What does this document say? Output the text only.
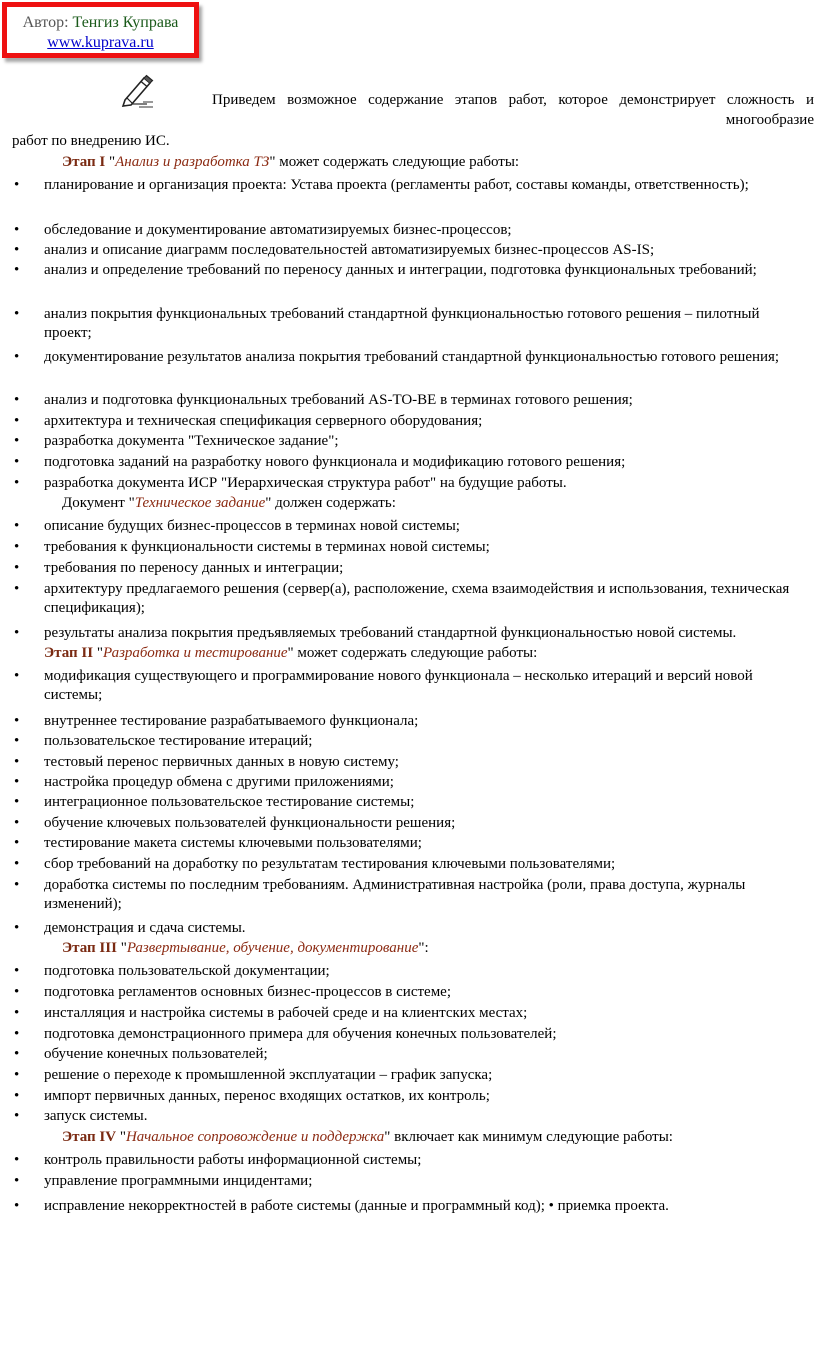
Автор: Тенгиз Куправа
www.kuprava.ru
Приведем возможное содержание этапов работ, которое демонстрирует сложность и
многообразие
работ по внедрению ИС.
Этап I "Анализ и разработка ТЗ" может содержать следующие работы:
•	планирование и организация проекта: Устава проекта (регламенты работ, составы команды, ответственность);
•	обследование и документирование автоматизируемых бизнес-процессов;
•	анализ и описание диаграмм последовательностей автоматизируемых бизнес-процессов AS-IS;
•	анализ и определение требований по переносу данных и интеграции, подготовка функциональных требований;
•	анализ покрытия функциональных требований стандартной функциональностью готового решения – пилотный проект;
•	документирование результатов анализа покрытия требований стандартной функциональностью готового решения;
•	анализ и подготовка функциональных требований AS-TO-BE в терминах готового решения;
•	архитектура и техническая спецификация серверного оборудования;
•	разработка документа "Техническое задание";
•	подготовка заданий на разработку нового функционала и модификацию готового решения;
•	разработка документа ИСР "Иерархическая структура работ" на будущие работы.
Документ "Техническое задание" должен содержать:
•	описание будущих бизнес-процессов в терминах новой системы;
•	требования к функциональности системы в терминах новой системы;
•	требования по переносу данных и интеграции;
•	архитектуру предлагаемого решения (сервер(а), расположение, схема взаимодействия и использования, техническая спецификация);
•	результаты анализа покрытия предъявляемых требований стандартной функциональностью новой системы.
Этап II "Разработка и тестирование" может содержать следующие работы:
•	модификация существующего и программирование нового функционала – несколько итераций и версий новой системы;
•	внутреннее тестирование разрабатываемого функционала;
•	пользовательское тестирование итераций;
•	тестовый перенос первичных данных в новую систему;
•	настройка процедур обмена с другими приложениями;
•	интеграционное пользовательское тестирование системы;
•	обучение ключевых пользователей функциональности решения;
•	тестирование макета системы ключевыми пользователями;
•	сбор требований на доработку по результатам тестирования ключевыми пользователями;
•	доработка системы по последним требованиям. Административная настройка (роли, права доступа, журналы изменений);
•	демонстрация и сдача системы.
Этап III "Развертывание, обучение, документирование":
•	подготовка пользовательской документации;
•	подготовка регламентов основных бизнес-процессов в системе;
•	инсталляция и настройка системы в рабочей среде и на клиентских местах;
•	подготовка демонстрационного примера для обучения конечных пользователей;
•	обучение конечных пользователей;
•	решение о переходе к промышленной эксплуатации – график запуска;
•	импорт первичных данных, перенос входящих остатков, их контроль;
•	запуск системы.
Этап IV "Начальное сопровождение и поддержка" включает как минимум следующие работы:
•	контроль правильности работы информационной системы;
•	управление программными инцидентами;
•	исправление некорректностей в работе системы (данные и программный код); • приемка проекта.
